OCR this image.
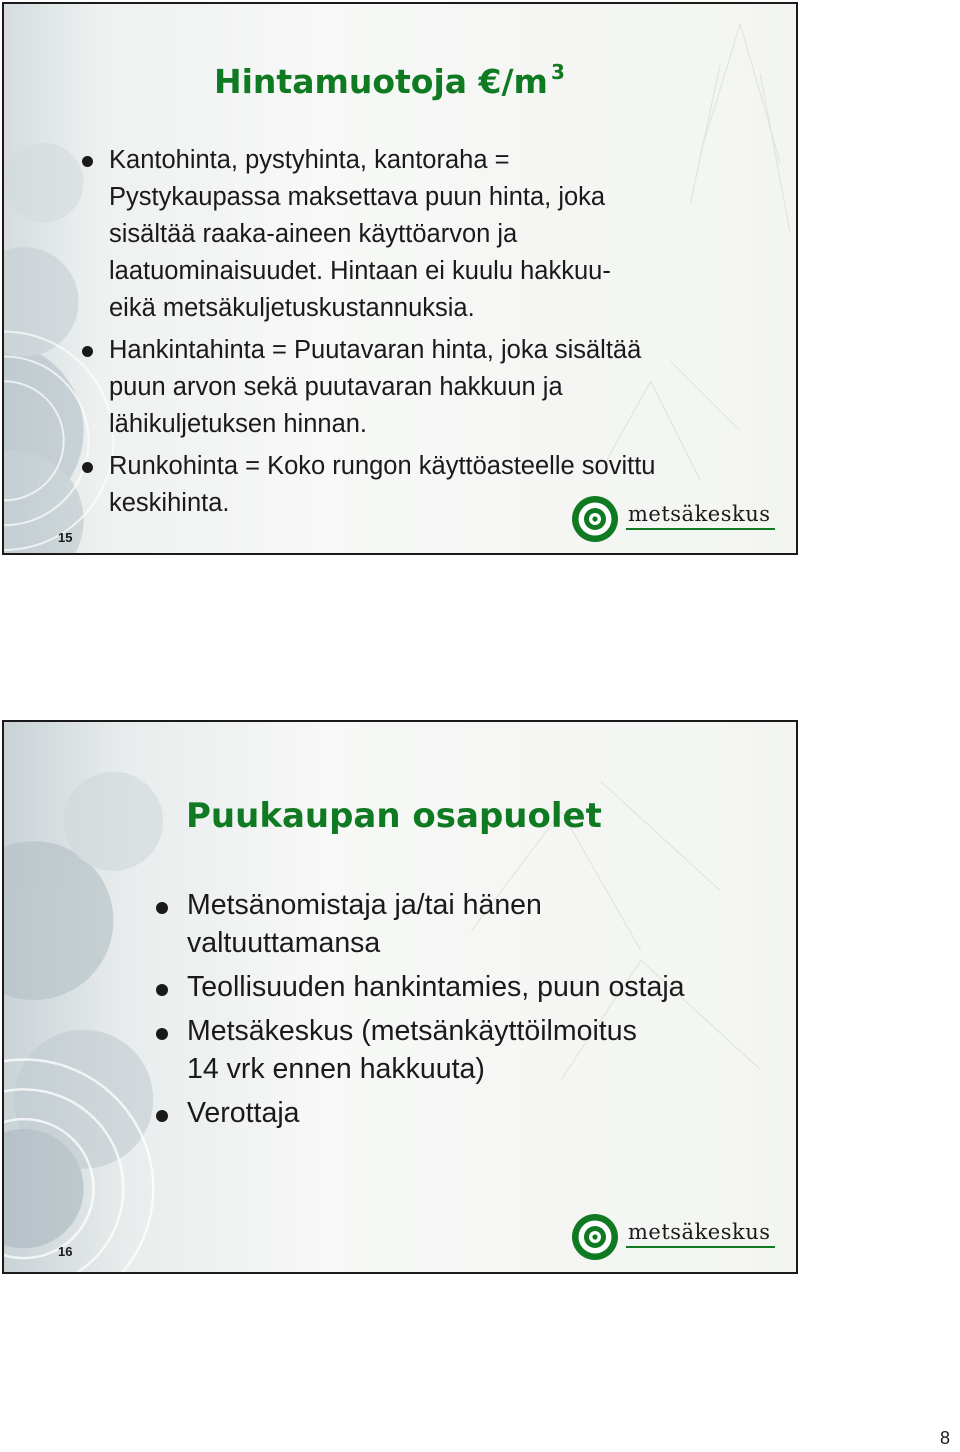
Hintamuotoja €/m $^3$
Kantohinta, pystyhinta, kantoraha =
Pystykaupassa maksettava puun hinta, joka
sisältää raaka-aineen käyttöarvon ja
laatuominaisuudet. Hintaan ei kuulu hakkuu-
eikä metsäkuljetuskustannuksia.
Hankintahinta = Puutavaran hinta, joka sisältää
puun arvon sekä puutavaran hakkuun ja
lähikuljetuksen hinnan.
Runkohinta = Koko rungon käyttöasteelle sovittu
keskihinta.
15
metsäkeskus
Puukaupan osapuolet
Metsänomistaja ja/tai hänen
valtuuttamansa
Teollisuuden hankintamies, puun ostaja
Metsäkeskus (metsänkäyttöilmoitus
14 vrk ennen hakkuuta)
Verottaja
16
metsäkeskus
8
